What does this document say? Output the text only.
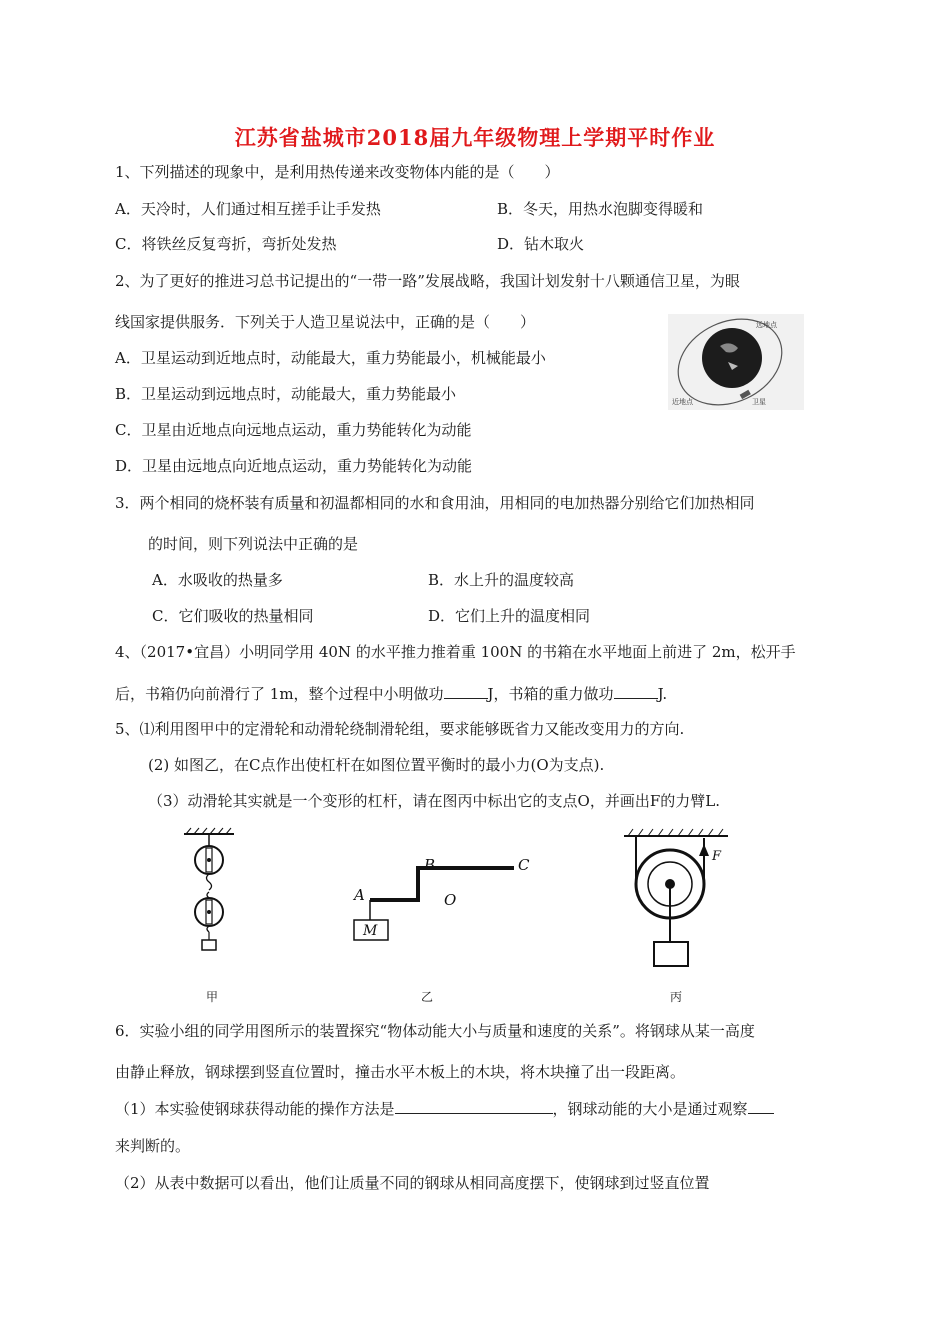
江苏省盐城市2018届九年级物理上学期平时作业
1、下列描述的现象中，是利用热传递来改变物体内能的是（　　）
A．天冷时，人们通过相互搓手让手发热	B．冬天，用热水泡脚变得暖和
C．将铁丝反复弯折，弯折处发热	D．钻木取火
2、为了更好的推进习总书记提出的“一带一路”发展战略，我国计划发射十八颗通信卫星，为眼
线国家提供服务．下列关于人造卫星说法中，正确的是（　　）
A．卫星运动到近地点时，动能最大，重力势能最小，机械能最小
B．卫星运动到远地点时，动能最大，重力势能最小
C．卫星由近地点向远地点运动，重力势能转化为动能
D．卫星由远地点向近地点运动，重力势能转化为动能
远地点
近地点	卫星
3．两个相同的烧杯装有质量和初温都相同的水和食用油，用相同的电加热器分别给它们加热相同
的时间，则下列说法中正确的是
A．水吸收的热量多	B．水上升的温度较高
C．它们吸收的热量相同	D．它们上升的温度相同
4、（2017•宜昌）小明同学用 40N 的水平推力推着重 100N 的书箱在水平地面上前进了 2m，松开手
后，书箱仍向前滑行了 1m，整个过程中小明做功	J，书箱的重力做功	J.
5、⑴利用图甲中的定滑轮和动滑轮绕制滑轮组，要求能够既省力又能改变用力的方向.
(2) 如图乙，在C点作出使杠杆在如图位置平衡时的最小力(O为支点).
（3）动滑轮其实就是一个变形的杠杆，请在图丙中标出它的支点O，并画出F的力臂L.
A
B	C
O
M
F
甲	乙	丙
6．实验小组的同学用图所示的装置探究“物体动能大小与质量和速度的关系”。将钢球从某一高度
由静止释放，钢球摆到竖直位置时，撞击水平木板上的木块，将木块撞了出一段距离。
（1）本实验使钢球获得动能的操作方法是	，钢球动能的大小是通过观察
来判断的。
（2）从表中数据可以看出，他们让质量不同的钢球从相同高度摆下，使钢球到过竖直位置
